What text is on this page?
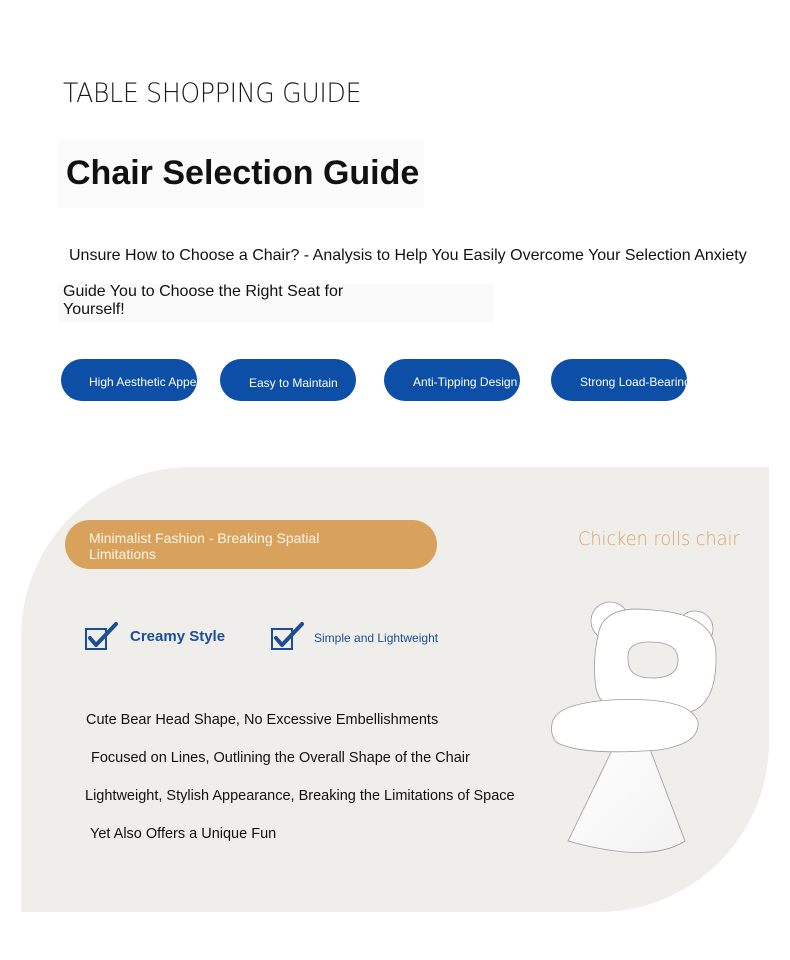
TABLE SHOPPING GUIDE
Chair Selection Guide
Unsure How to Choose a Chair? - Analysis to Help You Easily Overcome Your Selection Anxiety
Guide You to Choose the Right Seat for Yourself!
High Aesthetic Appeal	Easy to Maintain	Anti-Tipping Design	Strong Load-Bearing Capacity
Minimalist Fashion - Breaking Spatial Limitations
Chicken rolls chair
Creamy Style	Simple and Lightweight
Cute Bear Head Shape, No Excessive Embellishments
Focused on Lines, Outlining the Overall Shape of the Chair
Lightweight, Stylish Appearance, Breaking the Limitations of Space
Yet Also Offers a Unique Fun
